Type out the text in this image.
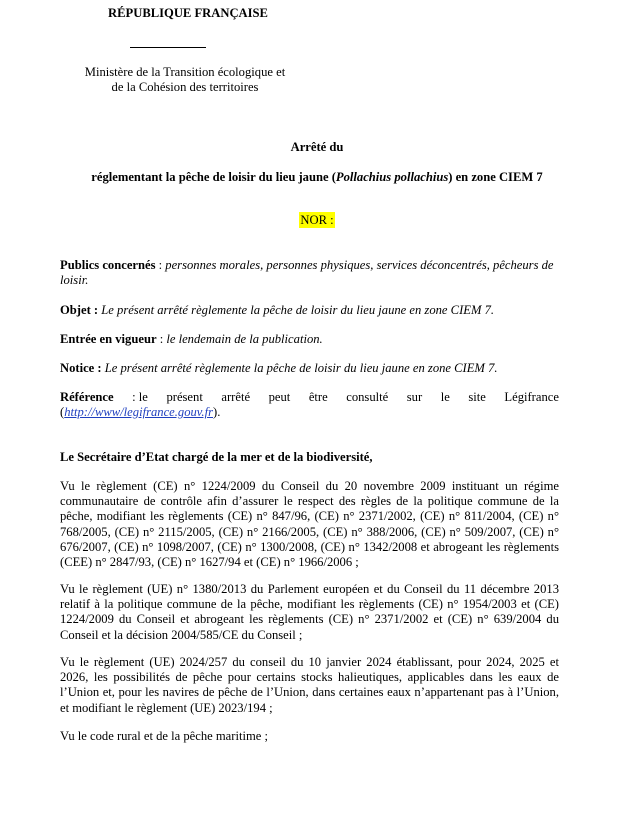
RÉPUBLIQUE FRANÇAISE
Ministère de la Transition écologique et
de la Cohésion des territoires
Arrêté du
réglementant la pêche de loisir du lieu jaune (Pollachius pollachius) en zone CIEM 7
NOR :
Publics concernés : personnes morales, personnes physiques, services déconcentrés, pêcheurs de loisir.
Objet : Le présent arrêté règlemente la pêche de loisir du lieu jaune en zone CIEM 7.
Entrée en vigueur : le lendemain de la publication.
Notice : Le présent arrêté règlemente la pêche de loisir du lieu jaune en zone CIEM 7.
Référence : le présent arrêté peut être consulté sur le site Légifrance
(http://www/legifrance.gouv.fr).
Le Secrétaire d’Etat chargé de la mer et de la biodiversité,
Vu le règlement (CE) n° 1224/2009 du Conseil du 20 novembre 2009 instituant un régime communautaire de contrôle afin d’assurer le respect des règles de la politique commune de la pêche, modifiant les règlements (CE) n° 847/96, (CE) n° 2371/2002, (CE) n° 811/2004, (CE) n° 768/2005, (CE) n° 2115/2005, (CE) n° 2166/2005, (CE) n° 388/2006, (CE) n° 509/2007, (CE) n° 676/2007, (CE) n° 1098/2007, (CE) n° 1300/2008, (CE) n° 1342/2008 et abrogeant les règlements (CEE) n° 2847/93, (CE) n° 1627/94 et (CE) n° 1966/2006 ;
Vu le règlement (UE) n° 1380/2013 du Parlement européen et du Conseil du 11 décembre 2013 relatif à la politique commune de la pêche, modifiant les règlements (CE) n° 1954/2003 et (CE) 1224/2009 du Conseil et abrogeant les règlements (CE) n° 2371/2002 et (CE) n° 639/2004 du Conseil et la décision 2004/585/CE du Conseil ;
Vu le règlement (UE) 2024/257 du conseil du 10 janvier 2024 établissant, pour 2024, 2025 et 2026, les possibilités de pêche pour certains stocks halieutiques, applicables dans les eaux de l’Union et, pour les navires de pêche de l’Union, dans certaines eaux n’appartenant pas à l’Union, et modifiant le règlement (UE) 2023/194 ;
Vu le code rural et de la pêche maritime ;
